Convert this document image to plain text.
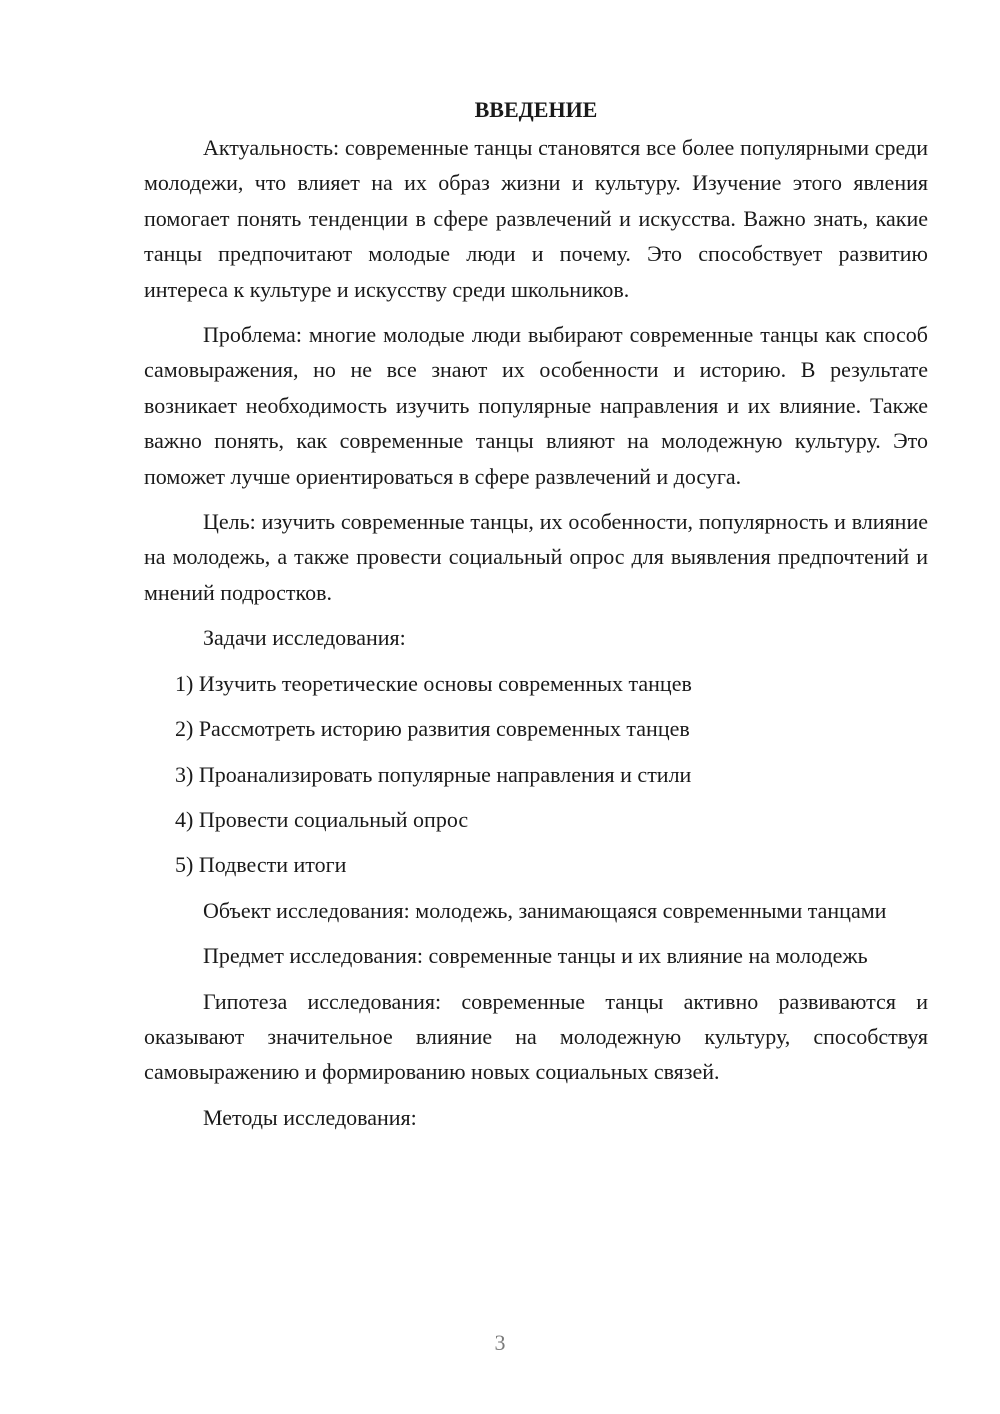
ВВЕДЕНИЕ

Актуальность: современные танцы становятся все более популярными среди молодежи, что влияет на их образ жизни и культуру. Изучение этого явления помогает понять тенденции в сфере развлечений и искусства. Важно знать, какие танцы предпочитают молодые люди и почему. Это способствует развитию интереса к культуре и искусству среди школьников.

Проблема: многие молодые люди выбирают современные танцы как способ самовыражения, но не все знают их особенности и историю. В результате возникает необходимость изучить популярные направления и их влияние. Также важно понять, как современные танцы влияют на молодежную культуру. Это поможет лучше ориентироваться в сфере развлечений и досуга.

Цель: изучить современные танцы, их особенности, популярность и влияние на молодежь, а также провести социальный опрос для выявления предпочтений и мнений подростков.

Задачи исследования:

1) Изучить теоретические основы современных танцев
2) Рассмотреть историю развития современных танцев
3) Проанализировать популярные направления и стили
4) Провести социальный опрос
5) Подвести итоги

Объект исследования: молодежь, занимающаяся современными танцами

Предмет исследования: современные танцы и их влияние на молодежь

Гипотеза исследования: современные танцы активно развиваются и оказывают значительное влияние на молодежную культуру, способствуя самовыражению и формированию новых социальных связей.

Методы исследования:

3
